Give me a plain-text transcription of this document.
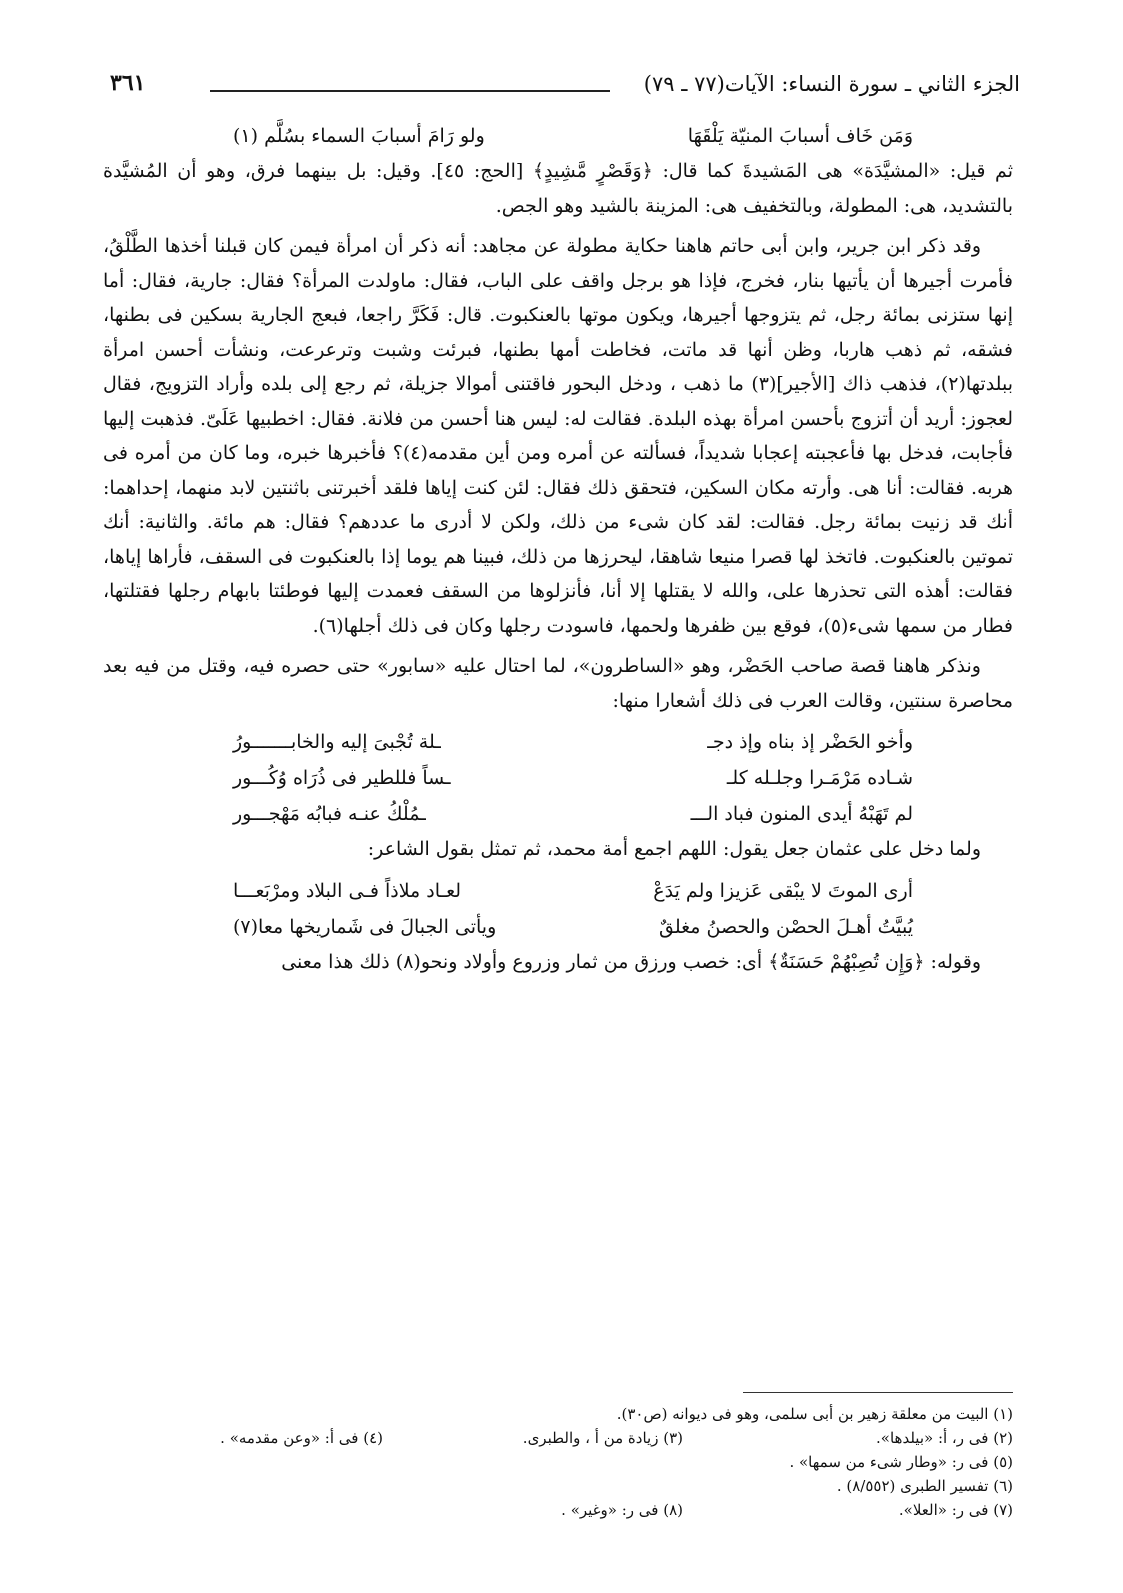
الجزء الثاني ـ سورة النساء: الآيات(٧٧ ـ ٧٩)
٣٦١
وَمَن خَاف أسبابَ المنيّة يَلْقَهَا
ولو رَامَ أسبابَ السماء بسُلَّم (١)

ثم قيل: «المشيَّدَة» هى المَشيدةَ كما قال: ﴿وَقَصْرٍ مَّشِيدٍ﴾ [الحج: ٤٥]. وقيل: بل بينهما فرق، وهو أن المُشيَّدة بالتشديد، هى: المطولة، وبالتخفيف هى: المزينة بالشيد وهو الجص.

وقد ذكر ابن جرير، وابن أبى حاتم هاهنا حكاية مطولة عن مجاهد: أنه ذكر أن امرأة فيمن كان قبلنا أخذها الطَّلْقُ، فأمرت أجيرها أن يأتيها بنار، فخرج، فإذا هو برجل واقف على الباب، فقال: ماولدت المرأة؟ فقال: جارية، فقال: أما إنها ستزنى بمائة رجل، ثم يتزوجها أجيرها، ويكون موتها بالعنكبوت. قال: فَكَرَّ راجعا، فبعج الجارية بسكين فى بطنها، فشقه، ثم ذهب هاربا، وظن أنها قد ماتت، فخاطت أمها بطنها، فبرئت وشبت وترعرعت، ونشأت أحسن امرأة ببلدتها(٢)، فذهب ذاك [الأجير](٣) ما ذهب ، ودخل البحور فاقتنى أموالا جزيلة، ثم رجع إلى بلده وأراد التزويج، فقال لعجوز: أريد أن أتزوج بأحسن امرأة بهذه البلدة. فقالت له: ليس هنا أحسن من فلانة. فقال: اخطبيها عَلَىّ. فذهبت إليها فأجابت، فدخل بها فأعجبته إعجابا شديداً، فسألته عن أمره ومن أين مقدمه(٤)؟ فأخبرها خبره، وما كان من أمره فى هربه. فقالت: أنا هى. وأرته مكان السكين، فتحقق ذلك فقال: لئن كنت إياها فلقد أخبرتنى باثنتين لابد منهما، إحداهما: أنك قد زنيت بمائة رجل. فقالت: لقد كان شىء من ذلك، ولكن لا أدرى ما عددهم؟ فقال: هم مائة. والثانية: أنك تموتين بالعنكبوت. فاتخذ لها قصرا منيعا شاهقا، ليحرزها من ذلك، فبينا هم يوما إذا بالعنكبوت فى السقف، فأراها إياها، فقالت: أهذه التى تحذرها على، والله لا يقتلها إلا أنا، فأنزلوها من السقف فعمدت إليها فوطئتا بابهام رجلها فقتلتها، فطار من سمها شىء(٥)، فوقع بين ظفرها ولحمها، فاسودت رجلها وكان فى ذلك أجلها(٦).

ونذكر هاهنا قصة صاحب الحَضْر، وهو «الساطرون»، لما احتال عليه «سابور» حتى حصره فيه، وقتل من فيه بعد محاصرة سنتين، وقالت العرب فى ذلك أشعارا منها:

وأخو الحَضْر إذ بناه وإذ دجـ
ـلة تُجْبىَ إليه والخابـــــــورُ
شـاده مَرْمَـرا وجلـله كلـ
ـساً فللطير فى ذُرَاه وُكُـــور
لم تَهَبْهُ أيدى المنون فباد الـــ
ـمُلْكُ عنـه فبابُه مَهْجـــور

ولما دخل على عثمان جعل يقول: اللهم اجمع أمة محمد، ثم تمثل بقول الشاعر:

أرى الموتَ لا يبْقى عَزيزا ولم يَدَعْ
لعـاد ملاذاً فـى البلاد ومرْبَعـــا
يُبيَّتُ أهـلَ الحصْن والحصنُ مغلقٌ
ويأتى الجبالَ فى شَماريخها معا(٧)

وقوله: ﴿وَإِن تُصِبْهُمْ حَسَنَةٌ﴾ أى: خصب ورزق من ثمار وزروع وأولاد ونحو(٨) ذلك هذا معنى

(١) البيت من معلقة زهير بن أبى سلمى، وهو فى ديوانه (ص٣٠).
(٢) فى ر، أ: «بيلدها».
(٣) زيادة من أ ، والطبرى.
(٤) فى أ: «وعن مقدمه» .
(٥) فى ر: «وطار شىء من سمها» .
(٦) تفسير الطبرى (٨/٥٥٢) .
(٧) فى ر: «العلا».
(٨) فى ر: «وغير» .
